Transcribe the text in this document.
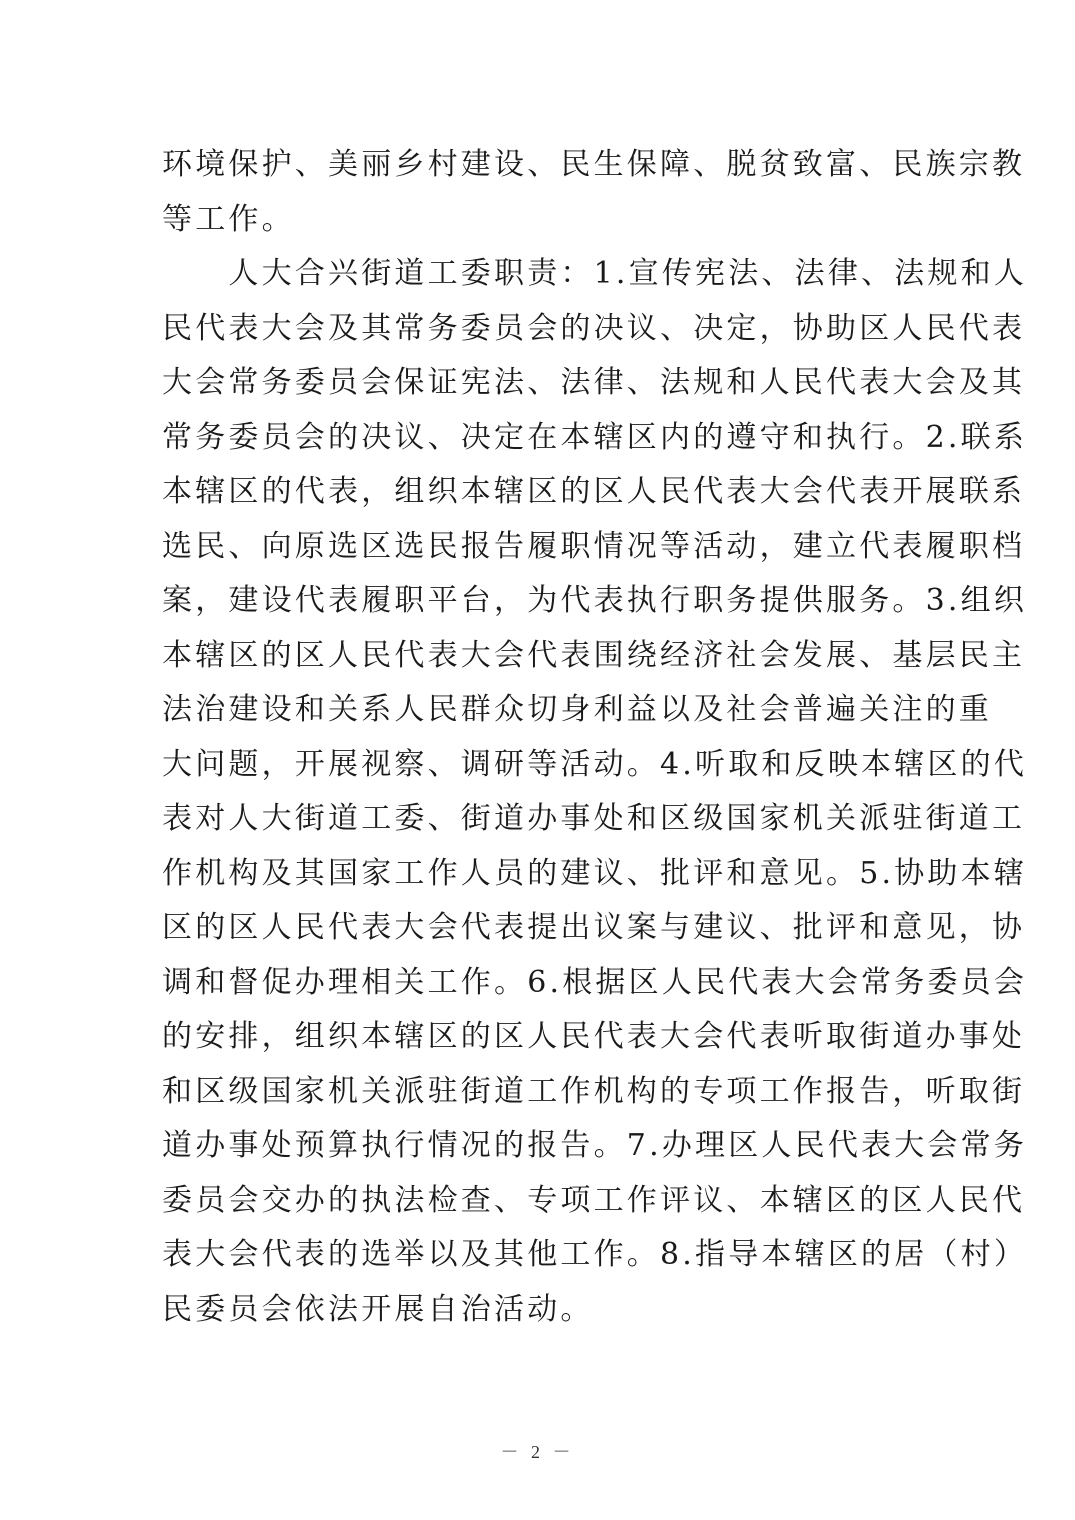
环境保护、美丽乡村建设、民生保障、脱贫致富、民族宗教
等工作。
　　人大合兴街道工委职责：1.宣传宪法、法律、法规和人
民代表大会及其常务委员会的决议、决定，协助区人民代表
大会常务委员会保证宪法、法律、法规和人民代表大会及其
常务委员会的决议、决定在本辖区内的遵守和执行。2.联系
本辖区的代表，组织本辖区的区人民代表大会代表开展联系
选民、向原选区选民报告履职情况等活动，建立代表履职档
案，建设代表履职平台，为代表执行职务提供服务。3.组织
本辖区的区人民代表大会代表围绕经济社会发展、基层民主
法治建设和关系人民群众切身利益以及社会普遍关注的重
大问题，开展视察、调研等活动。4.听取和反映本辖区的代
表对人大街道工委、街道办事处和区级国家机关派驻街道工
作机构及其国家工作人员的建议、批评和意见。5.协助本辖
区的区人民代表大会代表提出议案与建议、批评和意见，协
调和督促办理相关工作。6.根据区人民代表大会常务委员会
的安排，组织本辖区的区人民代表大会代表听取街道办事处
和区级国家机关派驻街道工作机构的专项工作报告，听取街
道办事处预算执行情况的报告。7.办理区人民代表大会常务
委员会交办的执法检查、专项工作评议、本辖区的区人民代
表大会代表的选举以及其他工作。8.指导本辖区的居（村）
民委员会依法开展自治活动。
－ 2 －
